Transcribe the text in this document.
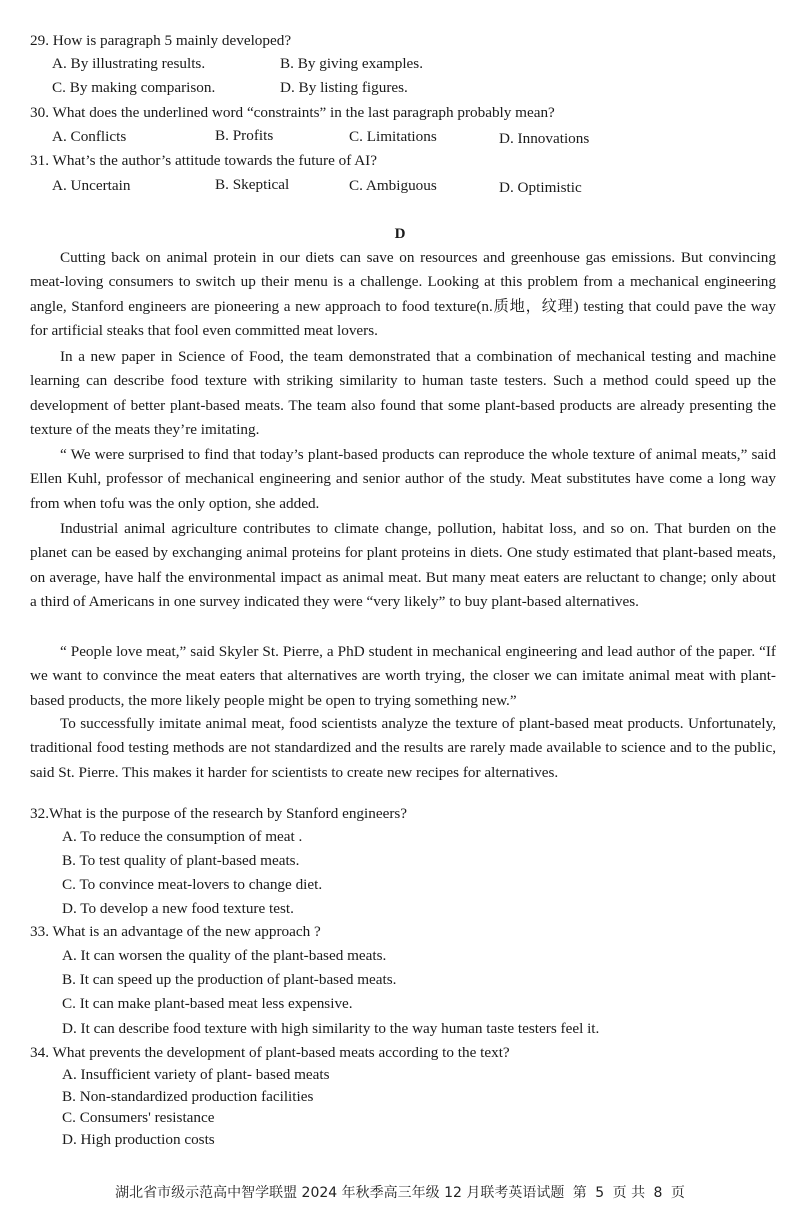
29. How is paragraph 5 mainly developed?
A. By illustrating results.	B. By giving examples.
C. By making comparison.	D. By listing figures.
30. What does the underlined word “constraints” in the last paragraph probably mean?
A. Conflicts	B. Profits	C. Limitations	D. Innovations
31. What’s the author’s attitude towards the future of AI?
A. Uncertain	B. Skeptical	C. Ambiguous	D. Optimistic
D
Cutting back on animal protein in our diets can save on resources and greenhouse gas emissions. But convincing meat-loving consumers to switch up their menu is a challenge. Looking at this problem from a mechanical engineering angle, Stanford engineers are pioneering a new approach to food texture(n.质地，纹理) testing that could pave the way for artificial steaks that fool even committed meat lovers.
In a new paper in Science of Food, the team demonstrated that a combination of mechanical testing and machine learning can describe food texture with striking similarity to human taste testers. Such a method could speed up the development of better plant-based meats. The team also found that some plant-based products are already presenting the texture of the meats they’re imitating.
“ We were surprised to find that today’s plant-based products can reproduce the whole texture of animal meats,” said Ellen Kuhl, professor of mechanical engineering and senior author of the study. Meat substitutes have come a long way from when tofu was the only option, she added.
Industrial animal agriculture contributes to climate change, pollution, habitat loss, and so on. That burden on the planet can be eased by exchanging animal proteins for plant proteins in diets. One study estimated that plant-based meats, on average, have half the environmental impact as animal meat. But many meat eaters are reluctant to change; only about a third of Americans in one survey indicated they were “very likely” to buy plant-based alternatives.
“ People love meat,” said Skyler St. Pierre, a PhD student in mechanical engineering and lead author of the paper. “If we want to convince the meat eaters that alternatives are worth trying, the closer we can imitate animal meat with plant-based products, the more likely people might be open to trying something new.”
To successfully imitate animal meat, food scientists analyze the texture of plant-based meat products. Unfortunately, traditional food testing methods are not standardized and the results are rarely made available to science and to the public, said St. Pierre. This makes it harder for scientists to create new recipes for alternatives.
32.What is the purpose of the research by Stanford engineers?
A. To reduce the consumption of meat .
B. To test quality of plant-based meats.
C. To convince meat-lovers to change diet.
D. To develop a new food texture test.
33. What is an advantage of the new approach ?
A. It can worsen the quality of the plant-based meats.
B. It can speed up the production of plant-based meats.
C. It can make plant-based meat less expensive.
D. It can describe food texture with high similarity to the way human taste testers feel it.
34. What prevents the development of plant-based meats according to the text?
A. Insufficient variety of plant- based meats
B. Non-standardized production facilities
C. Consumers' resistance
D. High production costs
湖北省市级示范高中智学联盟 2024 年秋季高三年级 12 月联考英语试题 第 5 页 共 8 页
